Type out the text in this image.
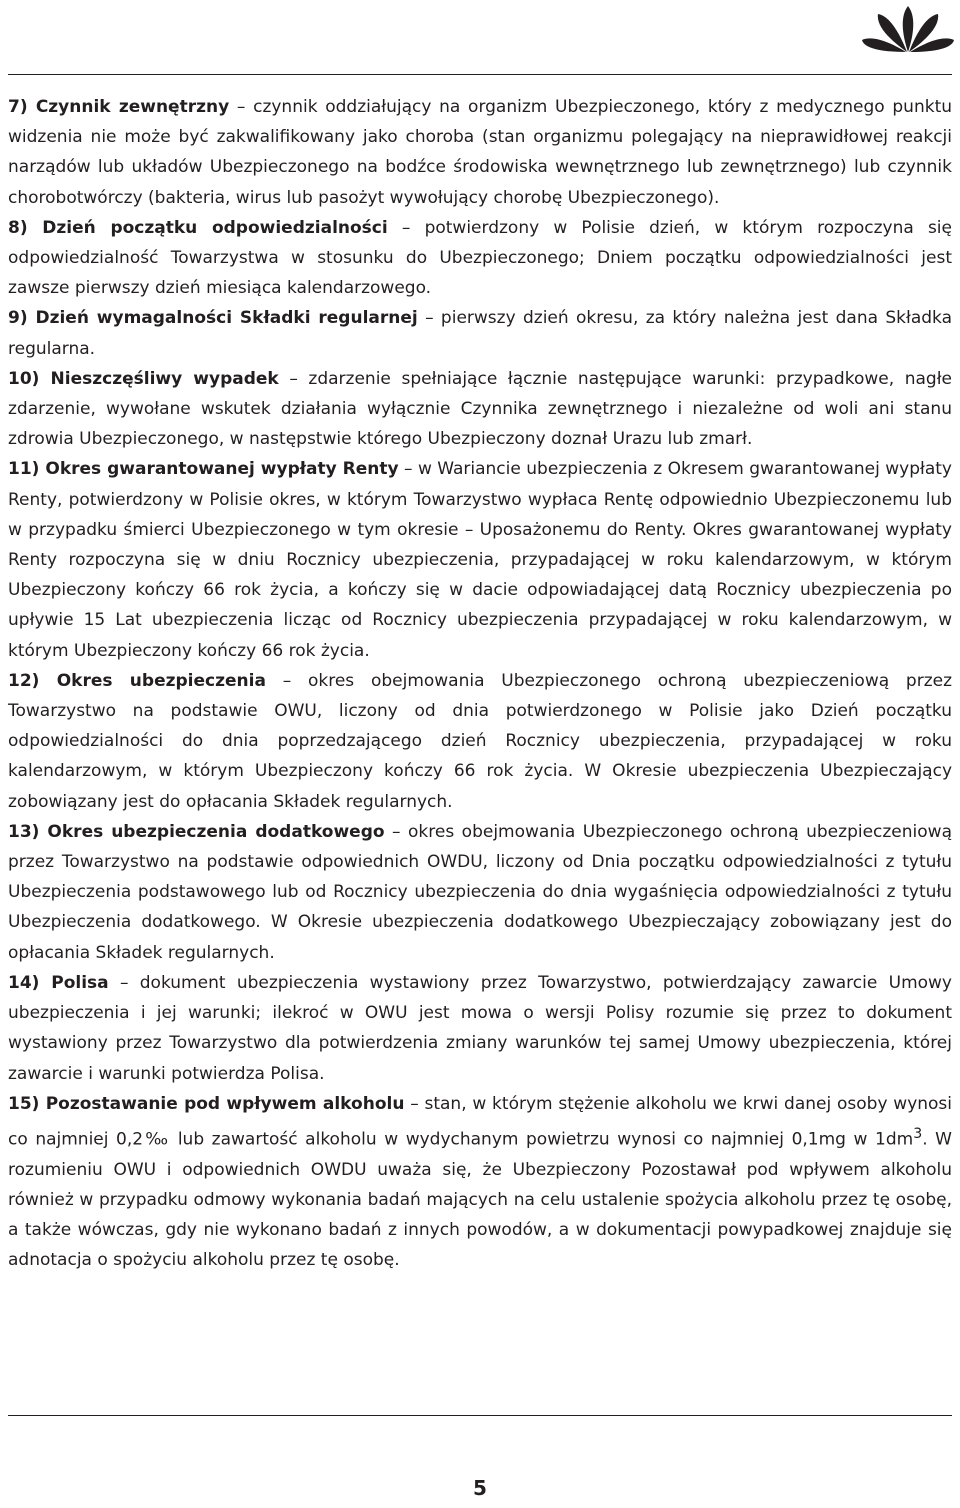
7) Czynnik zewnętrzny – czynnik oddziałujący na organizm Ubezpieczonego, który z medycznego punktu widzenia nie może być zakwalifikowany jako choroba (stan organizmu polegający na nieprawidłowej reakcji narządów lub układów Ubezpieczonego na bodźce środowiska wewnętrznego lub zewnętrznego) lub czynnik chorobotwórczy (bakteria, wirus lub pasożyt wywołujący chorobę Ubezpieczonego).

8) Dzień początku odpowiedzialności – potwierdzony w Polisie dzień, w którym rozpoczyna się odpowiedzialność Towarzystwa w stosunku do Ubezpieczonego; Dniem początku odpowiedzialności jest zawsze pierwszy dzień miesiąca kalendarzowego.

9) Dzień wymagalności Składki regularnej – pierwszy dzień okresu, za który należna jest dana Składka regularna.

10) Nieszczęśliwy wypadek – zdarzenie spełniające łącznie następujące warunki: przypadkowe, nagłe zdarzenie, wywołane wskutek działania wyłącznie Czynnika zewnętrznego i niezależne od woli ani stanu zdrowia Ubezpieczonego, w następstwie którego Ubezpieczony doznał Urazu lub zmarł.

11) Okres gwarantowanej wypłaty Renty – w Wariancie ubezpieczenia z Okresem gwarantowanej wypłaty Renty, potwierdzony w Polisie okres, w którym Towarzystwo wypłaca Rentę odpowiednio Ubezpieczonemu lub w przypadku śmierci Ubezpieczonego w tym okresie – Uposażonemu do Renty. Okres gwarantowanej wypłaty Renty rozpoczyna się w dniu Rocznicy ubezpieczenia, przypadającej w roku kalendarzowym, w którym Ubezpieczony kończy 66 rok życia, a kończy się w dacie odpowiadającej datą Rocznicy ubezpieczenia po upływie 15 Lat ubezpieczenia licząc od Rocznicy ubezpieczenia przypadającej w roku kalendarzowym, w którym Ubezpieczony kończy 66 rok życia.

12) Okres ubezpieczenia – okres obejmowania Ubezpieczonego ochroną ubezpieczeniową przez Towarzystwo na podstawie OWU, liczony od dnia potwierdzonego w Polisie jako Dzień początku odpowiedzialności do dnia poprzedzającego dzień Rocznicy ubezpieczenia, przypadającej w roku kalendarzowym, w którym Ubezpieczony kończy 66 rok życia. W Okresie ubezpieczenia Ubezpieczający zobowiązany jest do opłacania Składek regularnych.

13) Okres ubezpieczenia dodatkowego – okres obejmowania Ubezpieczonego ochroną ubezpieczeniową przez Towarzystwo na podstawie odpowiednich OWDU, liczony od Dnia początku odpowiedzialności z tytułu Ubezpieczenia podstawowego lub od Rocznicy ubezpieczenia do dnia wygaśnięcia odpowiedzialności z tytułu Ubezpieczenia dodatkowego. W Okresie ubezpieczenia dodatkowego Ubezpieczający zobowiązany jest do opłacania Składek regularnych.

14) Polisa – dokument ubezpieczenia wystawiony przez Towarzystwo, potwierdzający zawarcie Umowy ubezpieczenia i jej warunki; ilekroć w OWU jest mowa o wersji Polisy rozumie się przez to dokument wystawiony przez Towarzystwo dla potwierdzenia zmiany warunków tej samej Umowy ubezpieczenia, której zawarcie i warunki potwierdza Polisa.

15) Pozostawanie pod wpływem alkoholu – stan, w którym stężenie alkoholu we krwi danej osoby wynosi co najmniej 0,2‰ lub zawartość alkoholu w wydychanym powietrzu wynosi co najmniej 0,1mg w $1dm^3$. W rozumieniu OWU i odpowiednich OWDU uważa się, że Ubezpieczony Pozostawał pod wpływem alkoholu również w przypadku odmowy wykonania badań mających na celu ustalenie spożycia alkoholu przez tę osobę, a także wówczas, gdy nie wykonano badań z innych powodów, a w dokumentacji powypadkowej znajduje się adnotacja o spożyciu alkoholu przez tę osobę.

5
